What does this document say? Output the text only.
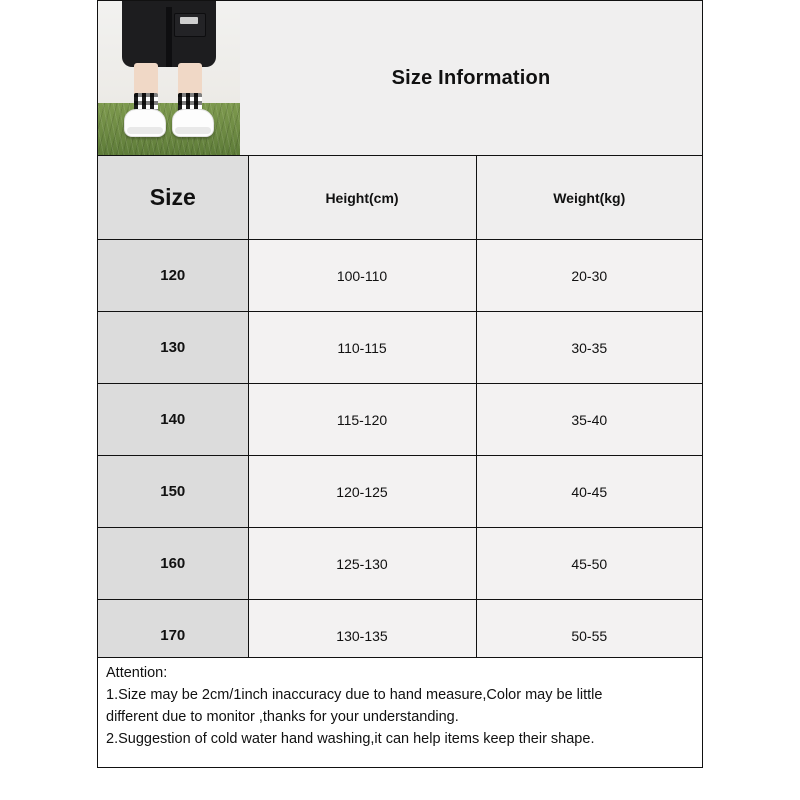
Size Information
Size	Height(cm)	Weight(kg)
120	100-110	20-30
130	110-115	30-35
140	115-120	35-40
150	120-125	40-45
160	125-130	45-50
170	130-135	50-55

Attention:

1.Size may be 2cm/1inch inaccuracy due to hand measure,Color may be little

different due to monitor ,thanks for your understanding.

2.Suggestion of cold water hand washing,it can help items keep their shape.
